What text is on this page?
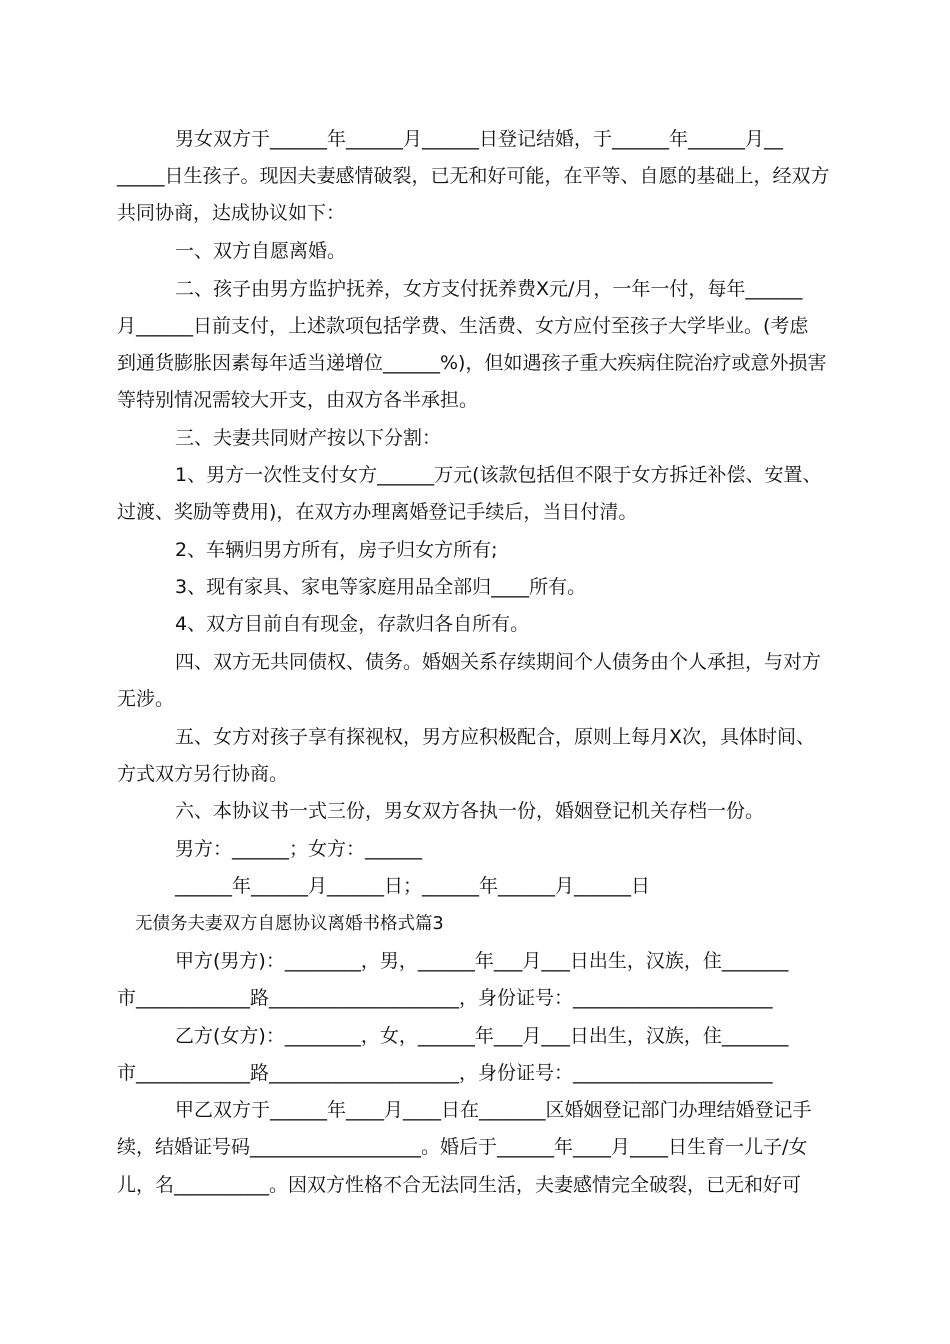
男女双方于______年______月______日登记结婚，于______年______月__
_____日生孩子。现因夫妻感情破裂，已无和好可能，在平等、自愿的基础上，经双方
共同协商，达成协议如下：
一、双方自愿离婚。
二、孩子由男方监护抚养，女方支付抚养费X元/月，一年一付，每年______
月______日前支付，上述款项包括学费、生活费、女方应付至孩子大学毕业。(考虑
到通货膨胀因素每年适当递增位______%)，但如遇孩子重大疾病住院治疗或意外损害
等特别情况需较大开支，由双方各半承担。
三、夫妻共同财产按以下分割：
1、男方一次性支付女方______万元(该款包括但不限于女方拆迁补偿、安置、
过渡、奖励等费用)，在双方办理离婚登记手续后，当日付清。
2、车辆归男方所有，房子归女方所有;
3、现有家具、家电等家庭用品全部归____所有。
4、双方目前自有现金，存款归各自所有。
四、双方无共同债权、债务。婚姻关系存续期间个人债务由个人承担，与对方
无涉。
五、女方对孩子享有探视权，男方应积极配合，原则上每月X次，具体时间、
方式双方另行协商。
六、本协议书一式三份，男女双方各执一份，婚姻登记机关存档一份。
男方：______；女方：______
______年______月______日；______年______月______日
无债务夫妻双方自愿协议离婚书格式篇3
甲方(男方)：________，男，______年___月___日出生，汉族，住_______
市____________路____________________，身份证号：_____________________
乙方(女方)：________，女，______年___月___日出生，汉族，住_______
市____________路____________________，身份证号：_____________________
甲乙双方于______年____月____日在_______区婚姻登记部门办理结婚登记手
续，结婚证号码__________________。婚后于______年____月____日生育一儿子/女
儿，名__________。因双方性格不合无法同生活，夫妻感情完全破裂，已无和好可
